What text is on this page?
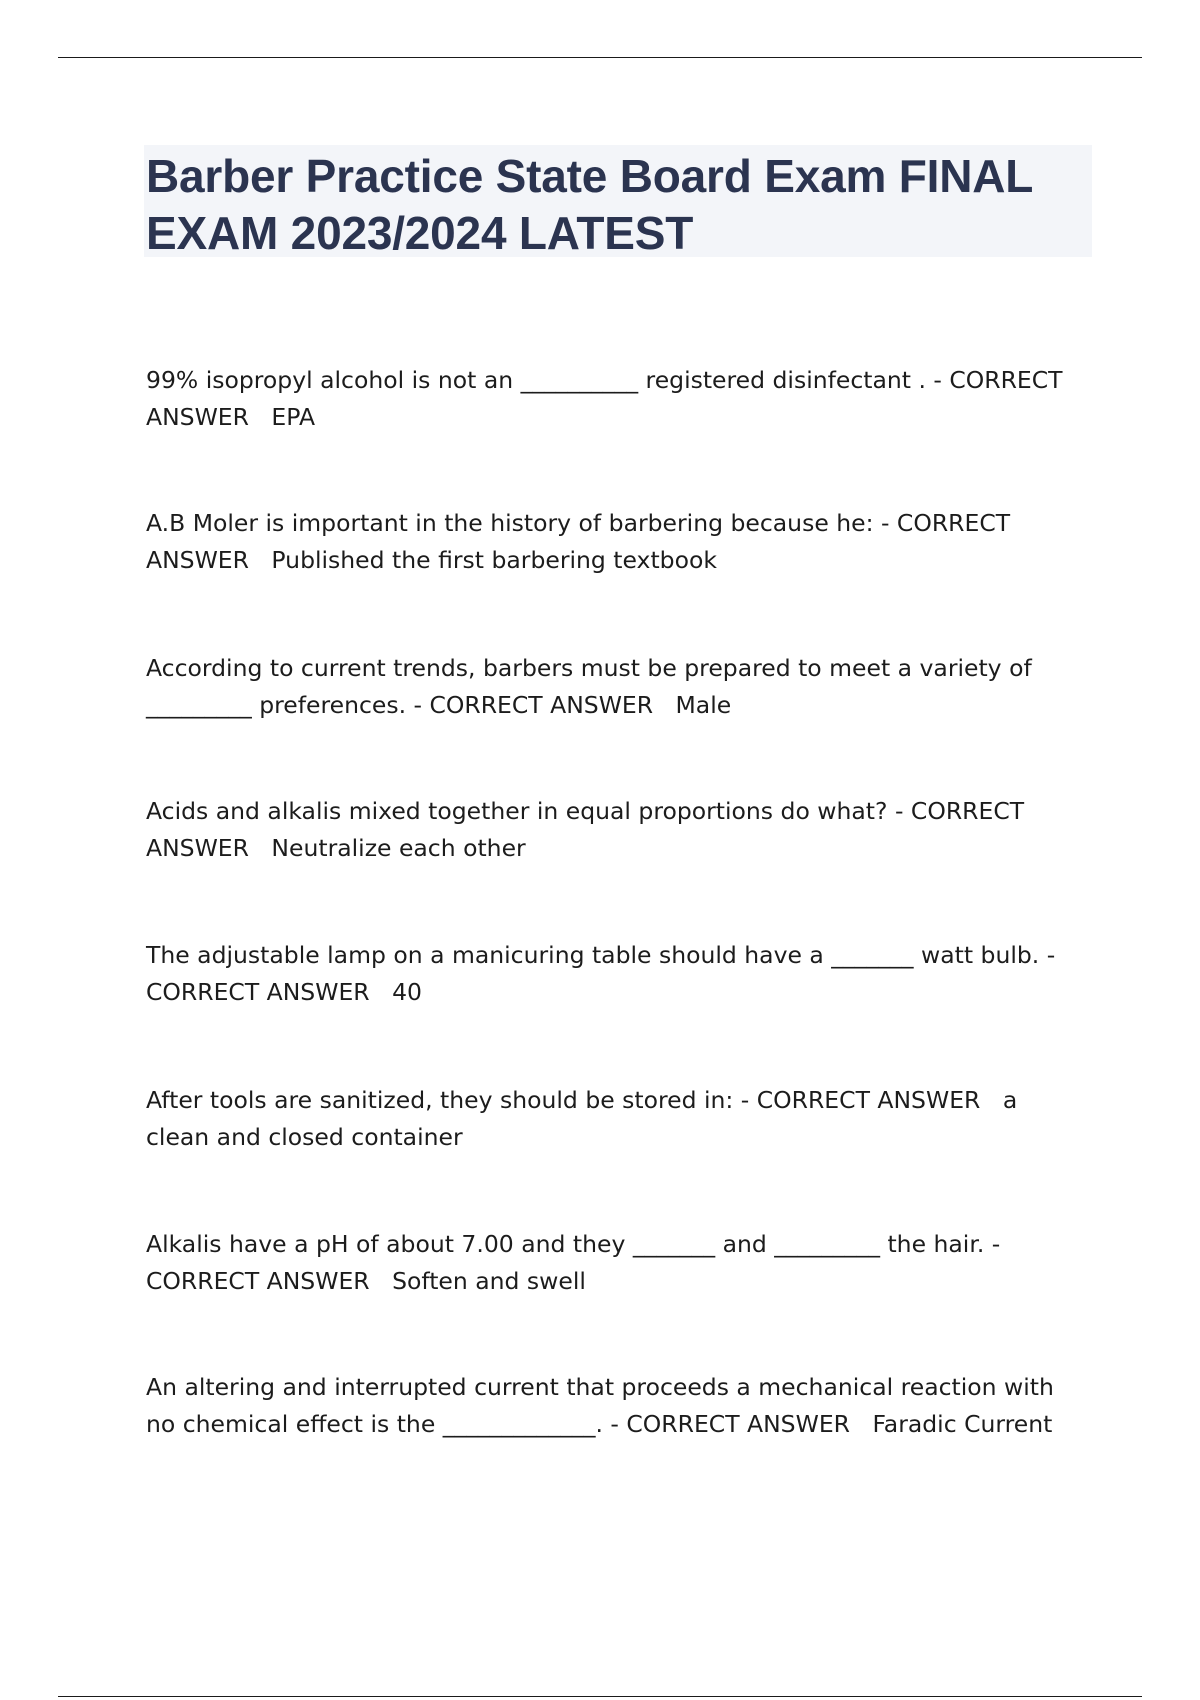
Barber Practice State Board Exam FINAL EXAM 2023/2024 LATEST

99% isopropyl alcohol is not an __________ registered disinfectant . - CORRECT ANSWER EPA

A.B Moler is important in the history of barbering because he: - CORRECT ANSWER Published the first barbering textbook

According to current trends, barbers must be prepared to meet a variety of _________ preferences. - CORRECT ANSWER Male

Acids and alkalis mixed together in equal proportions do what? - CORRECT ANSWER Neutralize each other

The adjustable lamp on a manicuring table should have a _______ watt bulb. - CORRECT ANSWER 40

After tools are sanitized, they should be stored in: - CORRECT ANSWER a clean and closed container

Alkalis have a pH of about 7.00 and they _______ and _________ the hair. - CORRECT ANSWER Soften and swell

An altering and interrupted current that proceeds a mechanical reaction with no chemical effect is the _____________. - CORRECT ANSWER Faradic Current
